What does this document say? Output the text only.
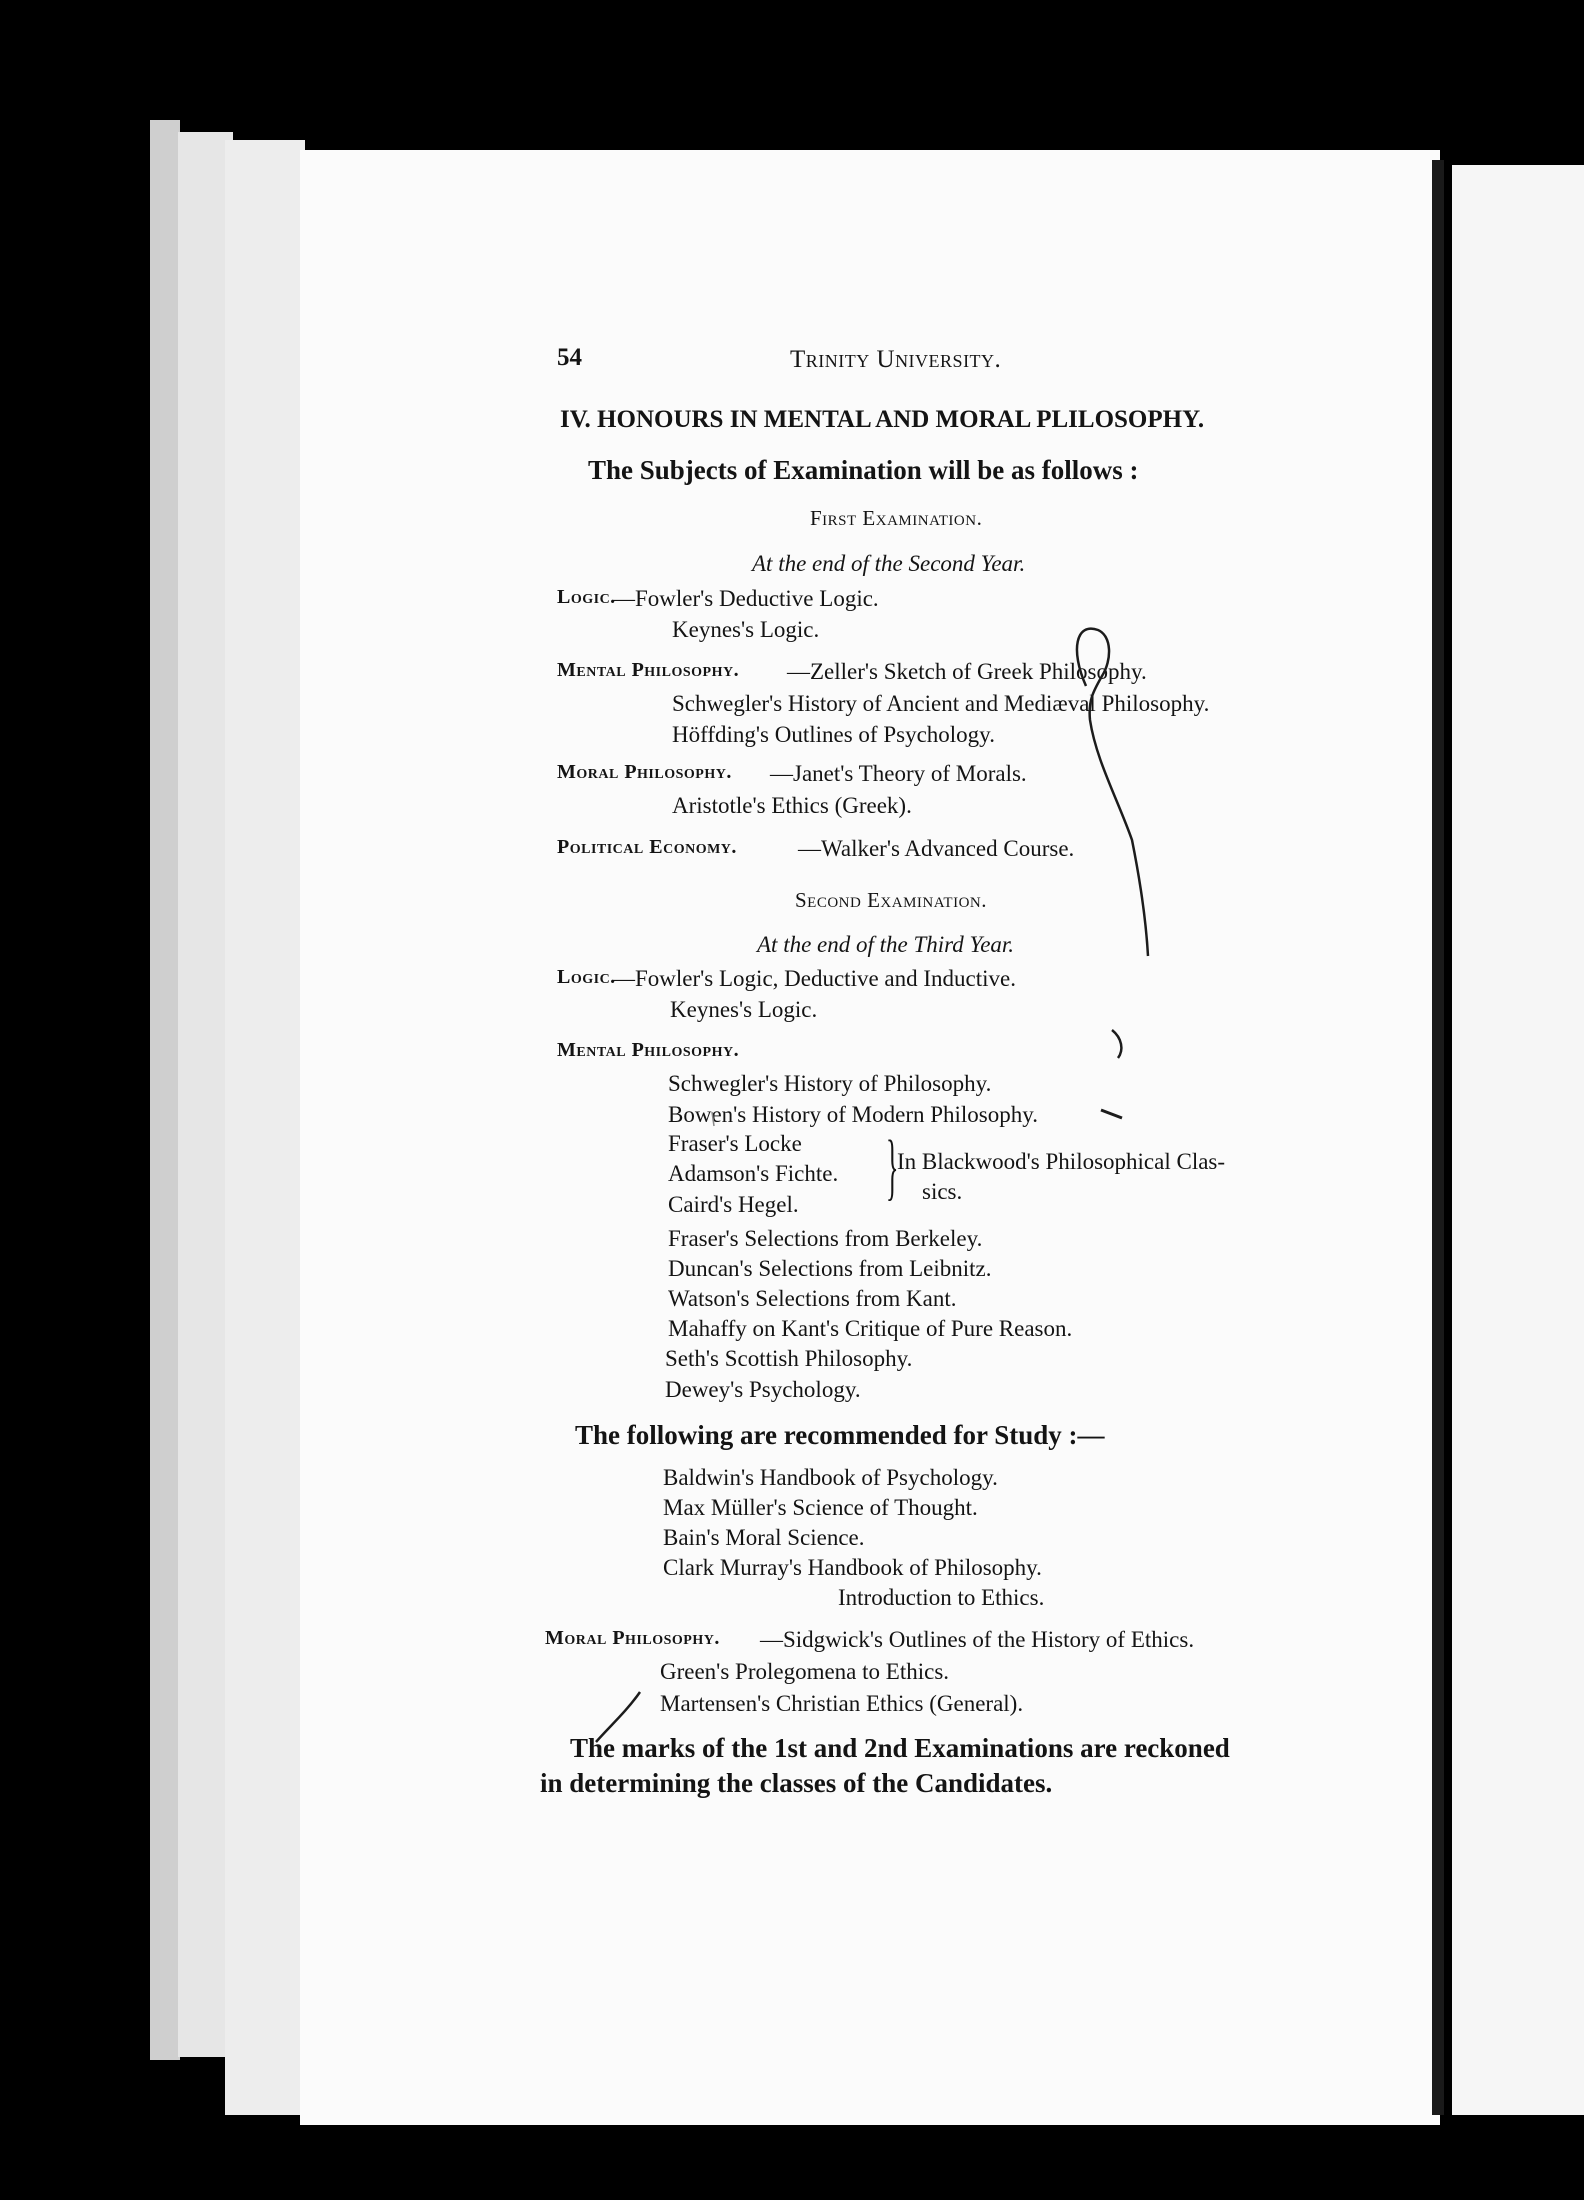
54	Trinity University.
IV. HONOURS IN MENTAL AND MORAL PLILOSOPHY.
The Subjects of Examination will be as follows :
First Examination.
At the end of the Second Year.
Logic.
—Fowler's Deductive Logic.
Keynes's Logic.
Mental Philosophy. —Zeller's Sketch of Greek Philosophy.
Schwegler's History of Ancient and Mediæval Philosophy.
Höffding's Outlines of Psychology.
Moral Philosophy. —Janet's Theory of Morals.
Aristotle's Ethics (Greek).
Political Economy.	—Walker's Advanced Course.
Second Examination.
At the end of the Third Year.
Logic.
—Fowler's Logic, Deductive and Inductive.
Keynes's Logic.
Mental Philosophy.
Schwegler's History of Philosophy.
Bowen's History of Modern Philosophy.
Fraser's Locke
Adamson's Fichte.
Caird's Hegel. }
In Blackwood's Philosophical Clas-
sics.
Fraser's Selections from Berkeley.
Duncan's Selections from Leibnitz.
Watson's Selections from Kant.
Mahaffy on Kant's Critique of Pure Reason.
Seth's Scottish Philosophy.
Dewey's Psychology.
The following are recommended for Study :—
Baldwin's Handbook of Psychology.
Max Müller's Science of Thought.
Bain's Moral Science.
Clark Murray's Handbook of Philosophy.
Introduction to Ethics.
Moral Philosophy. —Sidgwick's Outlines of the History of Ethics.
Green's Prolegomena to Ethics.
Martensen's Christian Ethics (General).
The marks of the 1st and 2nd Examinations are reckoned
in determining the classes of the Candidates.
